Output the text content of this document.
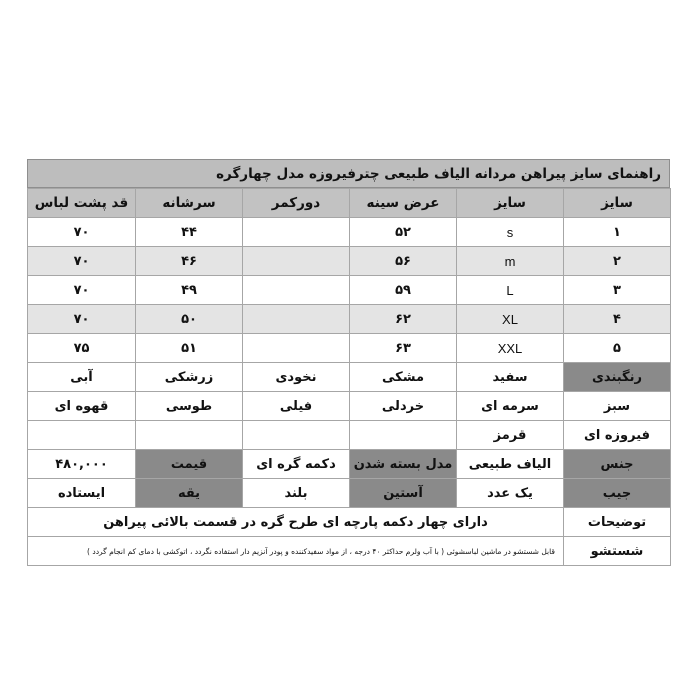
راهنمای سایز پیراهن مردانه الیاف طبیعی چترفیروزه مدل چهارگره
سایز	سایز	عرض سینه	دورکمر	سرشانه	قد پشت لباس
۱	s	۵۲		۴۴	۷۰
۲	m	۵۶		۴۶	۷۰
۳	L	۵۹		۴۹	۷۰
۴	XL	۶۲		۵۰	۷۰
۵	XXL	۶۳		۵۱	۷۵
رنگبندی	سفید	مشکی	نخودی	زرشکی	آبی
سبز	سرمه ای	خردلی	فیلی	طوسی	قهوه ای
فیروزه ای	قرمز				
جنس	الیاف طبیعی	مدل بسته شدن	دکمه گره ای	قیمت	۴۸۰,۰۰۰
جیب	یک عدد	آستین	بلند	یقه	ایستاده
توضیحات	دارای چهار دکمه پارچه ای طرح گره در قسمت بالائی پیراهن				
شستشو	قابل شستشو در ماشین لباسشوئی ( با آب ولرم حداکثر ۴۰ درجه ، از مواد سفیدکننده و پودر آنزیم دار استفاده نگردد ، اتوکشی با دمای کم انجام گردد )				
